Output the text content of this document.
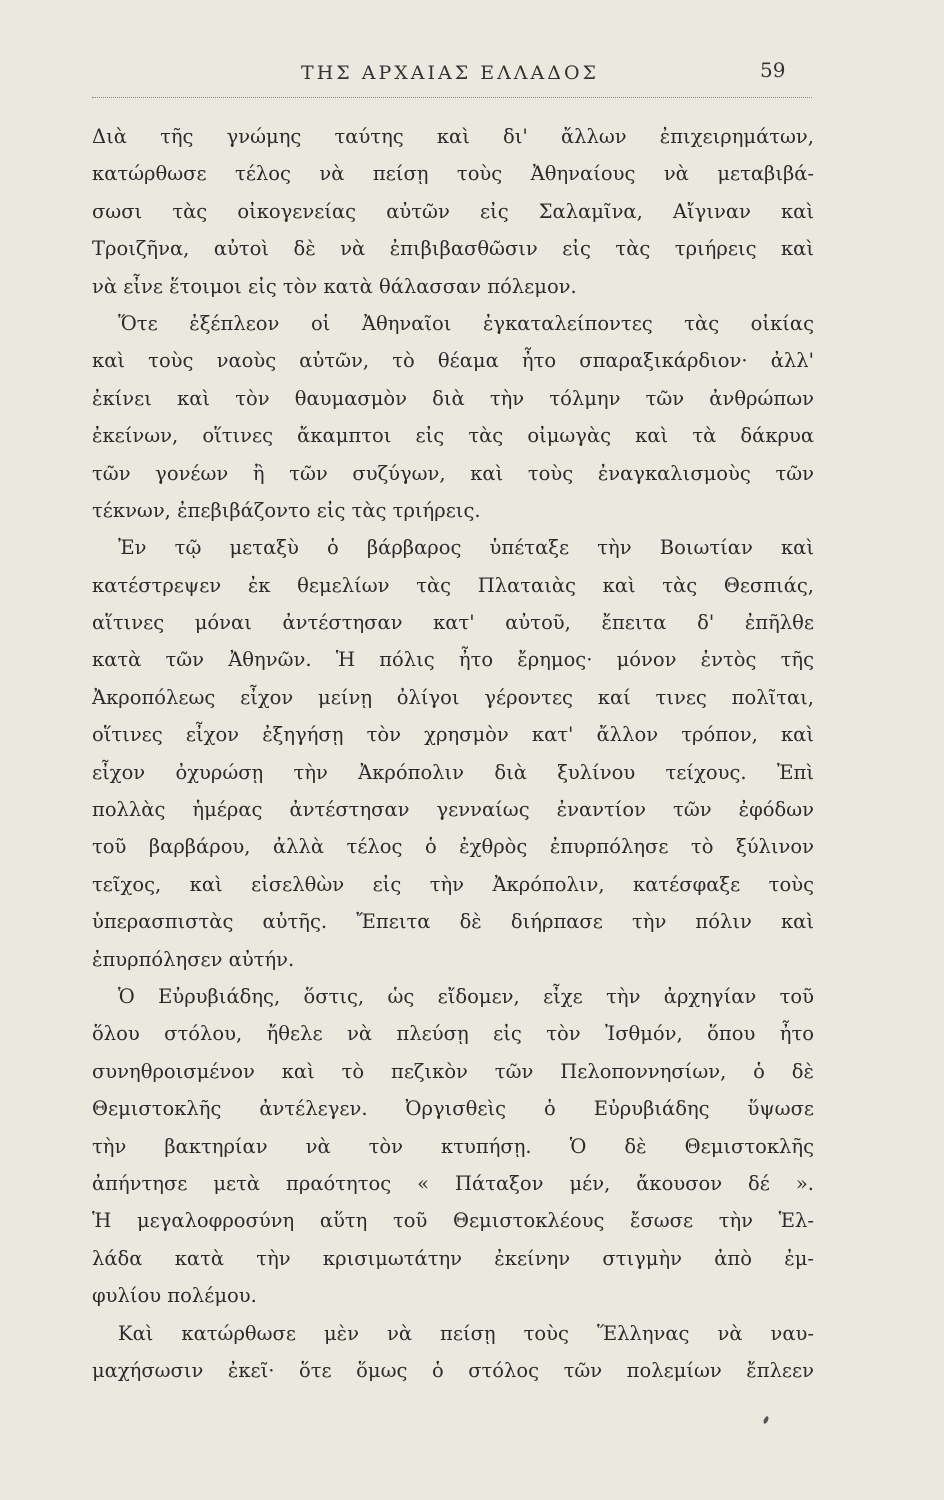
ΤΗΣ ΑΡΧΑΙΑΣ ΕΛΛΑΔΟΣ	59
Διὰ τῆς γνώμης ταύτης καὶ δι' ἄλλων ἐπιχειρημάτων,
κατώρθωσε τέλος νὰ πείσῃ τοὺς Ἀθηναίους νὰ μεταβιβά-
σωσι τὰς οἰκογενείας αὐτῶν εἰς Σαλαμῖνα, Αἴγιναν καὶ
Τροιζῆνα, αὐτοὶ δὲ νὰ ἐπιβιβασθῶσιν εἰς τὰς τριήρεις καὶ
νὰ εἶνε ἕτοιμοι εἰς τὸν κατὰ θάλασσαν πόλεμον.
Ὅτε ἐξέπλεον οἱ Ἀθηναῖοι ἐγκαταλείποντες τὰς οἰκίας
καὶ τοὺς ναοὺς αὐτῶν, τὸ θέαμα ἦτο σπαραξικάρδιον· ἀλλ'
ἐκίνει καὶ τὸν θαυμασμὸν διὰ τὴν τόλμην τῶν ἀνθρώπων
ἐκείνων, οἵτινες ἄκαμπτοι εἰς τὰς οἰμωγὰς καὶ τὰ δάκρυα
τῶν γονέων ἢ τῶν συζύγων, καὶ τοὺς ἐναγκαλισμοὺς τῶν
τέκνων, ἐπεβιβάζοντο εἰς τὰς τριήρεις.
Ἐν τῷ μεταξὺ ὁ βάρβαρος ὑπέταξε τὴν Βοιωτίαν καὶ
κατέστρεψεν ἐκ θεμελίων τὰς Πλαταιὰς καὶ τὰς Θεσπιάς,
αἵτινες μόναι ἀντέστησαν κατ' αὐτοῦ, ἔπειτα δ' ἐπῆλθε
κατὰ τῶν Ἀθηνῶν. Ἡ πόλις ἦτο ἔρημος· μόνον ἐντὸς τῆς
Ἀκροπόλεως εἶχον μείνῃ ὀλίγοι γέροντες καί τινες πολῖται,
οἵτινες εἶχον ἐξηγήσῃ τὸν χρησμὸν κατ' ἄλλον τρόπον, καὶ
εἶχον ὀχυρώσῃ τὴν Ἀκρόπολιν διὰ ξυλίνου τείχους. Ἐπὶ
πολλὰς ἡμέρας ἀντέστησαν γενναίως ἐναντίον τῶν ἐφόδων
τοῦ βαρβάρου, ἀλλὰ τέλος ὁ ἐχθρὸς ἐπυρπόλησε τὸ ξύλινον
τεῖχος, καὶ εἰσελθὼν εἰς τὴν Ἀκρόπολιν, κατέσφαξε τοὺς
ὑπερασπιστὰς αὐτῆς. Ἔπειτα δὲ διήρπασε τὴν πόλιν καὶ
ἐπυρπόλησεν αὐτήν.
Ὁ Εὐρυβιάδης, ὅστις, ὡς εἴδομεν, εἶχε τὴν ἀρχηγίαν τοῦ
ὅλου στόλου, ἤθελε νὰ πλεύσῃ εἰς τὸν Ἰσθμόν, ὅπου ἦτο
συνηθροισμένον καὶ τὸ πεζικὸν τῶν Πελοποννησίων, ὁ δὲ
Θεμιστοκλῆς ἀντέλεγεν. Ὀργισθεὶς ὁ Εὐρυβιάδης ὕψωσε
τὴν βακτηρίαν νὰ τὸν κτυπήσῃ. Ὁ δὲ Θεμιστοκλῆς
ἀπήντησε μετὰ πραότητος « Πάταξον μέν, ἄκουσον δέ ».
Ἡ μεγαλοφροσύνη αὕτη τοῦ Θεμιστοκλέους ἔσωσε τὴν Ἑλ-
λάδα κατὰ τὴν κρισιμωτάτην ἐκείνην στιγμὴν ἀπὸ ἐμ-
φυλίου πολέμου.
Καὶ κατώρθωσε μὲν νὰ πείσῃ τοὺς Ἕλληνας νὰ ναυ-
μαχήσωσιν ἐκεῖ· ὅτε ὅμως ὁ στόλος τῶν πολεμίων ἔπλεεν
